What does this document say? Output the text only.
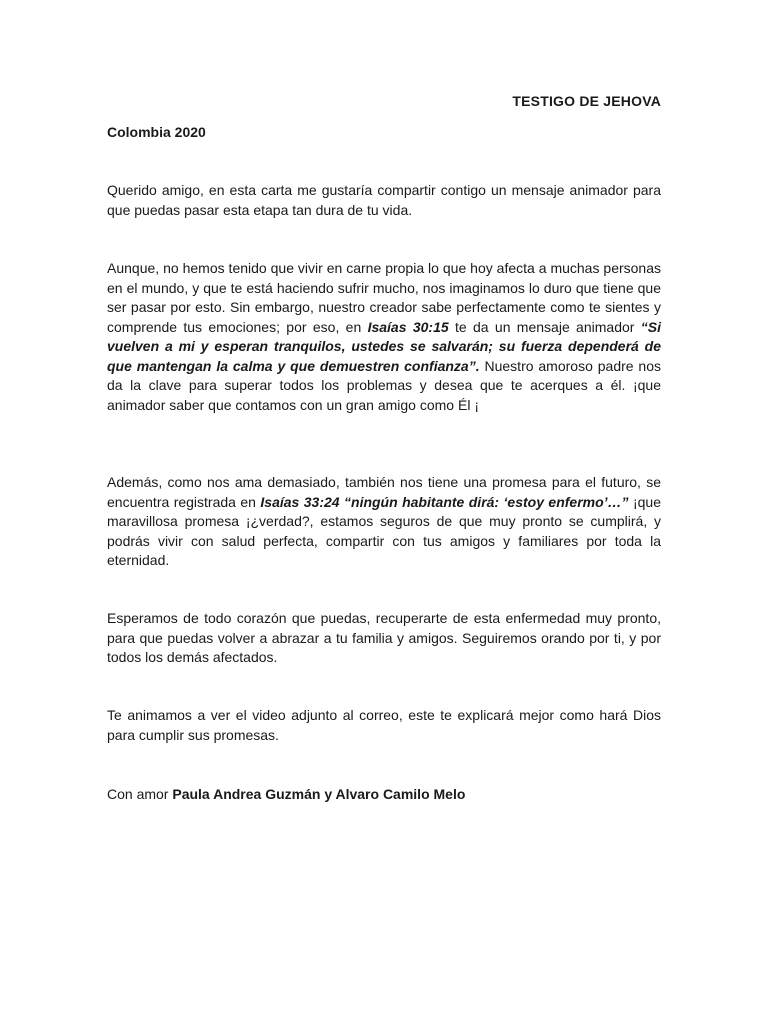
TESTIGO DE JEHOVA
Colombia 2020

Querido amigo, en esta carta me gustaría compartir contigo un mensaje animador para que puedas pasar esta etapa tan dura de tu vida.

Aunque, no hemos tenido que vivir en carne propia lo que hoy afecta a muchas personas en el mundo, y que te está haciendo sufrir mucho, nos imaginamos lo duro que tiene que ser pasar por esto. Sin embargo, nuestro creador sabe perfectamente como te sientes y comprende tus emociones; por eso, en Isaías 30:15 te da un mensaje animador “Si vuelven a mi y esperan tranquilos, ustedes se salvarán; su fuerza dependerá de que mantengan la calma y que demuestren confianza”. Nuestro amoroso padre nos da la clave para superar todos los problemas y desea que te acerques a él. ¡que animador saber que contamos con un gran amigo como Él ¡

Además, como nos ama demasiado, también nos tiene una promesa para el futuro, se encuentra registrada en Isaías 33:24 “ningún habitante dirá: ‘estoy enfermo’…” ¡que maravillosa promesa ¡¿verdad?, estamos seguros de que muy pronto se cumplirá, y podrás vivir con salud perfecta, compartir con tus amigos y familiares por toda la eternidad.

Esperamos de todo corazón que puedas, recuperarte de esta enfermedad muy pronto, para que puedas volver a abrazar a tu familia y amigos. Seguiremos orando por ti, y por todos los demás afectados.

Te animamos a ver el video adjunto al correo, este te explicará mejor como hará Dios para cumplir sus promesas.

Con amor Paula Andrea Guzmán y Alvaro Camilo Melo
